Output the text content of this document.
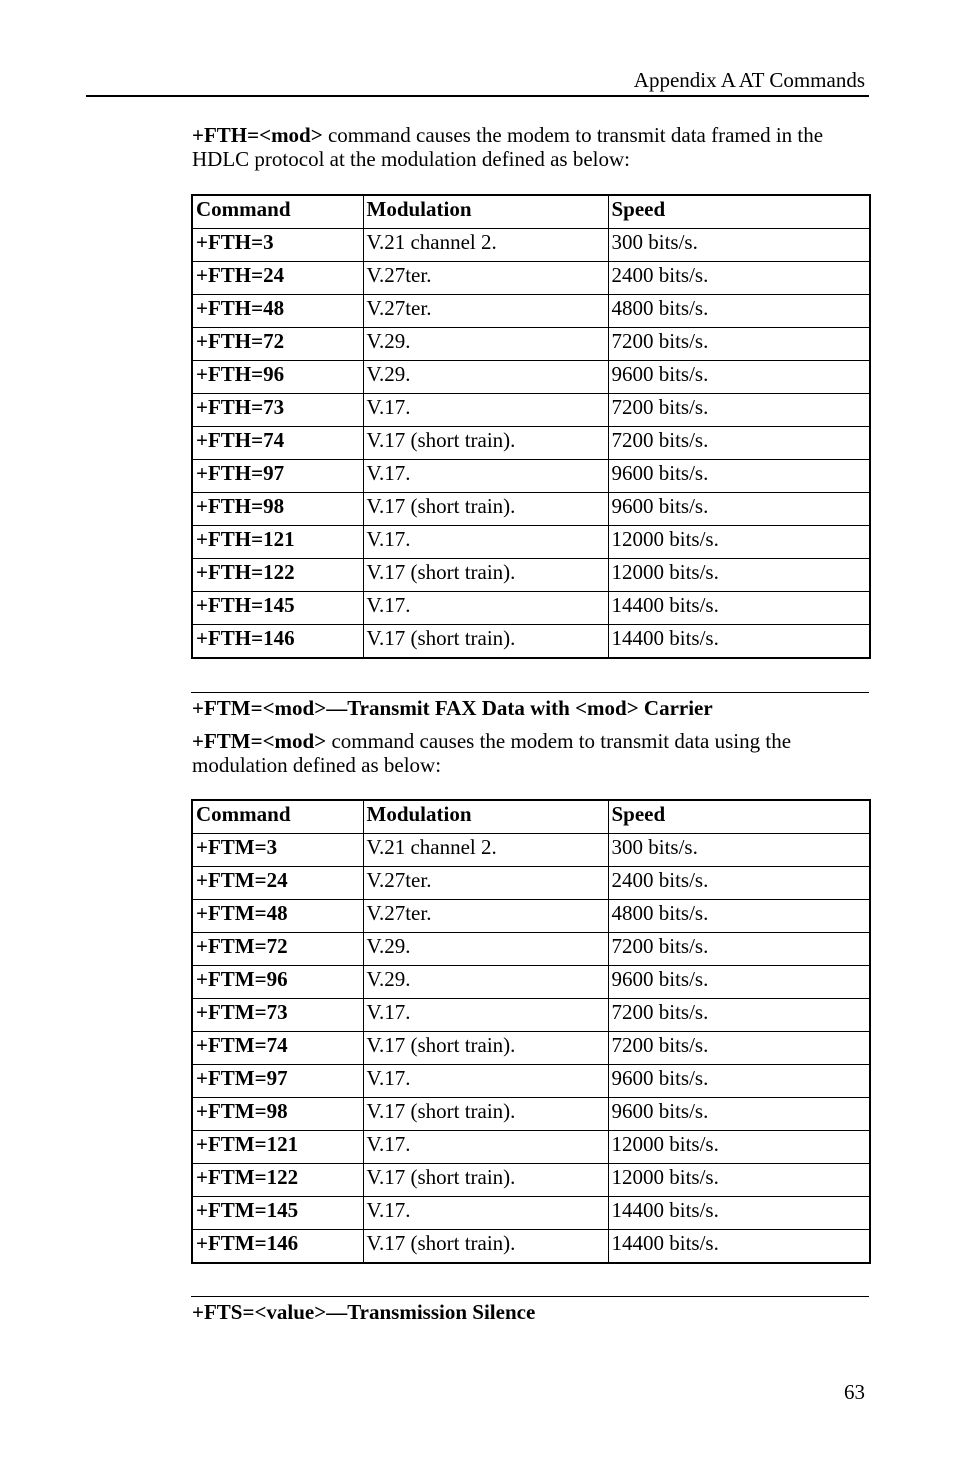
Appendix A AT Commands
+FTH=<mod> command causes the modem to transmit data framed in the HDLC protocol at the modulation defined as below:
Command	Modulation	Speed
+FTH=3	V.21 channel 2.	300 bits/s.
+FTH=24	V.27ter.	2400 bits/s.
+FTH=48	V.27ter.	4800 bits/s.
+FTH=72	V.29.	7200 bits/s.
+FTH=96	V.29.	9600 bits/s.
+FTH=73	V.17.	7200 bits/s.
+FTH=74	V.17 (short train).	7200 bits/s.
+FTH=97	V.17.	9600 bits/s.
+FTH=98	V.17 (short train).	9600 bits/s.
+FTH=121	V.17.	12000 bits/s.
+FTH=122	V.17 (short train).	12000 bits/s.
+FTH=145	V.17.	14400 bits/s.
+FTH=146	V.17 (short train).	14400 bits/s.
+FTM=<mod>—Transmit FAX Data with <mod> Carrier
+FTM=<mod> command causes the modem to transmit data using the modulation defined as below:
Command	Modulation	Speed
+FTM=3	V.21 channel 2.	300 bits/s.
+FTM=24	V.27ter.	2400 bits/s.
+FTM=48	V.27ter.	4800 bits/s.
+FTM=72	V.29.	7200 bits/s.
+FTM=96	V.29.	9600 bits/s.
+FTM=73	V.17.	7200 bits/s.
+FTM=74	V.17 (short train).	7200 bits/s.
+FTM=97	V.17.	9600 bits/s.
+FTM=98	V.17 (short train).	9600 bits/s.
+FTM=121	V.17.	12000 bits/s.
+FTM=122	V.17 (short train).	12000 bits/s.
+FTM=145	V.17.	14400 bits/s.
+FTM=146	V.17 (short train).	14400 bits/s.
+FTS=<value>—Transmission Silence
63
